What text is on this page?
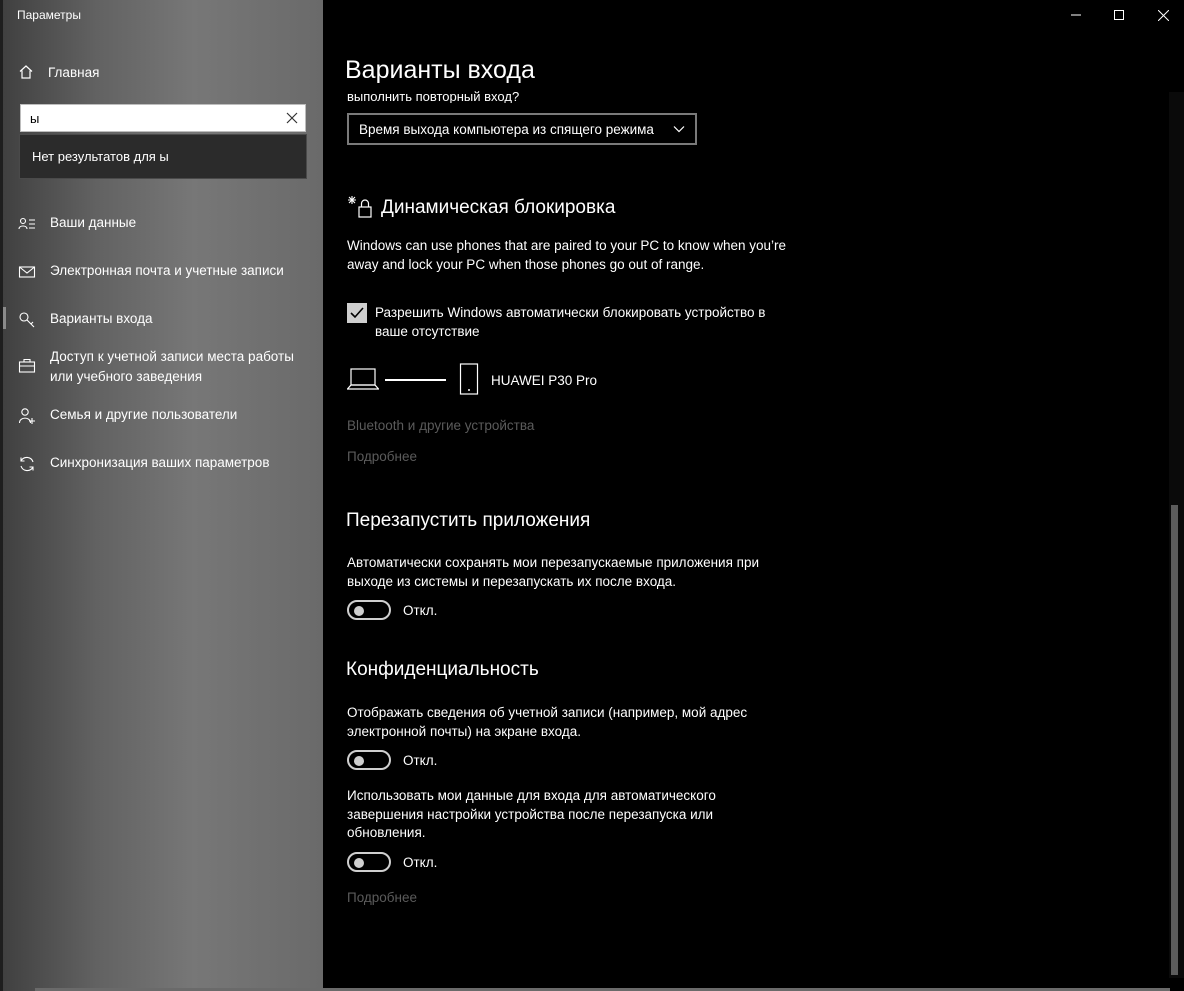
Параметры
Главная
ы
Нет результатов для ы
Ваши данные
Электронная почта и учетные записи
Варианты входа
Доступ к учетной записи места работы или учебного заведения
Семья и другие пользователи
Синхронизация ваших параметров
Варианты входа
выполнить повторный вход?
Время выхода компьютера из спящего режима
Динамическая блокировка
Windows can use phones that are paired to your PC to know when you’re away and lock your PC when those phones go out of range.
Разрешить Windows автоматически блокировать устройство в ваше отсутствие
HUAWEI P30 Pro
Bluetooth и другие устройства
Подробнее
Перезапустить приложения
Автоматически сохранять мои перезапускаемые приложения при выходе из системы и перезапускать их после входа.
Откл.
Конфиденциальность
Отображать сведения об учетной записи (например, мой адрес электронной почты) на экране входа.
Откл.
Использовать мои данные для входа для автоматического завершения настройки устройства после перезапуска или обновления.
Откл.
Подробнее
